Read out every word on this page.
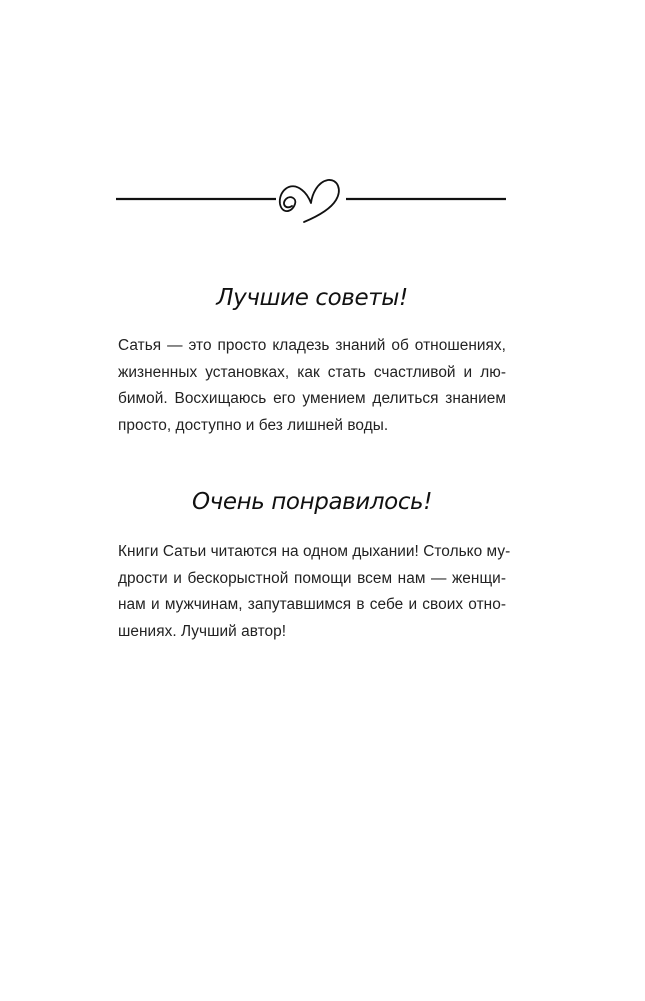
Лучшие советы!

Сатья — это просто кладезь знаний об отношениях,
жизненных установках, как стать счастливой и лю-
бимой. Восхищаюсь его умением делиться знанием
просто, доступно и без лишней воды.

Очень понравилось!

Книги Сатьи читаются на одном дыхании! Столько му-
дрости и бескорыстной помощи всем нам — женщи-
нам и мужчинам, запутавшимся в себе и своих отно-
шениях. Лучший автор!
